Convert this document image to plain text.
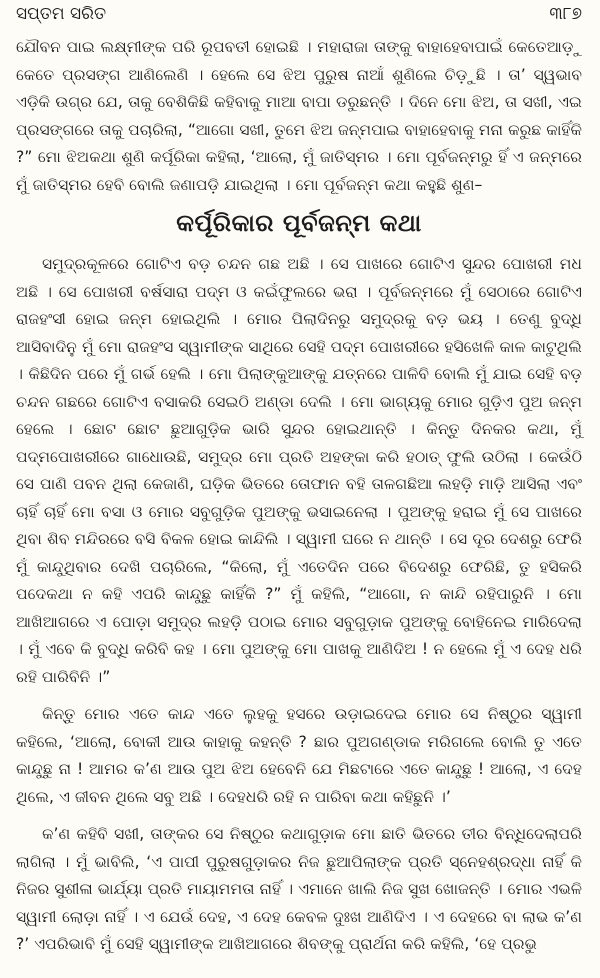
ସପ୍ତମ ସରିତ	୩୮୭

ଯୌବନ ପାଇ ଲକ୍ଷ୍ମୀଙ୍କ ପରି ରୂପବତୀ ହୋଇଛି । ମହାରାଜା ତାଙ୍କୁ ବାହାହେବାପାଇଁ କେତେଆଡ଼ୁ କେତେ ପ୍ରସଙ୍ଗ ଆଣିଲେଣି । ହେଲେ ସେ ଝିଅ ପୁରୁଷ ନାଆଁ ଶୁଣିଲେ ଚିଡ଼ୁଛି । ତା’ ସ୍ୱଭାବ ଏଡ଼ିକି ଉଗ୍ର ଯେ, ତାକୁ ବେଶିକିଛି କହିବାକୁ ମାଆ ବାପା ଡରୁଛନ୍ତି । ଦିନେ ମୋ ଝିଅ, ତା ସଖୀ, ଏଇ ପ୍ରସଙ୍ଗରେ ତାକୁ ପଚାରିଲା, “ଆଗୋ ସଖୀ, ତୁମେ ଝିଅ ଜନ୍ମପାଇ ବାହାହେବାକୁ ମନା କରୁଛ କାହିଁକି ?” ମୋ ଝିଅକଥା ଶୁଣି କର୍ପୂରିକା କହିଲା, ‘ଆଲୋ, ମୁଁ ଜାତିସ୍ମର । ମୋ ପୂର୍ବଜନ୍ମରୁ ହିଁ ଏ ଜନ୍ମରେ ମୁଁ ଜାତିସ୍ମର ହେବି ବୋଲି ଜଣାପଡ଼ି ଯାଇଥିଲା । ମୋ ପୂର୍ବଜନ୍ମ କଥା କହୁଛି ଶୁଣ–

କର୍ପୂରିକାର ପୂର୍ବଜନ୍ମ କଥା

ସମୁଦ୍ରକୂଳରେ ଗୋଟିଏ ବଡ଼ ଚନ୍ଦନ ଗଛ ଅଛି । ସେ ପାଖରେ ଗୋଟିଏ ସୁନ୍ଦର ପୋଖରୀ ମଧ ଅଛି । ସେ ପୋଖରୀ ବର୍ଷସାରା ପଦ୍ମ ଓ କଇଁଫୁଲରେ ଭରା । ପୂର୍ବଜନ୍ମରେ ମୁଁ ସେଠାରେ ଗୋଟିଏ ରାଜହଂସୀ ହୋଇ ଜନ୍ମ ହୋଇଥିଲି । ମୋର ପିଲାଦିନରୁ ସମୁଦ୍ରକୁ ବଡ଼ ଭୟ । ତେଣୁ ବୁଦ୍ଧି ଆସିବାଦିନୁ ମୁଁ ମୋ ରାଜହଂସ ସ୍ୱାମୀଙ୍କ ସାଥିରେ ସେହି ପଦ୍ମ ପୋଖରୀରେ ହସିଖେଳି କାଳ କାଟୁଥିଲି । କିଛିଦିନ ପରେ ମୁଁ ଗର୍ଭ ହେଲି । ମୋ ପିଲାଙ୍କୁଆଙ୍କୁ ଯତ୍ନରେ ପାଳିବି ବୋଲି ମୁଁ ଯାଇ ସେହି ବଡ଼ ଚନ୍ଦନ ଗଛରେ ଗୋଟିଏ ବସାକରି ସେଇଠି ଅଣ୍ଡା ଦେଲି । ମୋ ଭାଗ୍ୟକୁ ମୋର ଗୁଡ଼ିଏ ପୁଅ ଜନ୍ମ ହେଲେ । ଛୋଟ ଛୋଟ ଛୁଆଗୁଡ଼ିକ ଭାରି ସୁନ୍ଦର ହୋଇଥାନ୍ତି । କିନ୍ତୁ ଦିନକର କଥା, ମୁଁ ପଦ୍ମପୋଖରୀରେ ଗାଧୋଉଛି, ସମୁଦ୍ର ମୋ ପ୍ରତି ଅହଙ୍କା କରି ହଠାତ୍ ଫୁଲି ଉଠିଲା । କେଉଁଠି ସେ ପାଣି ପବନ ଥିଲା କେଜାଣି, ଘଡ଼ିକ ଭିତରେ ତୋଫାନ ବହି ତାଳଗଛିଆ ଲହଡ଼ି ମାଡ଼ି ଆସିଲା ଏବଂ ଚାହିଁ ଚାହିଁ ମୋ ବସା ଓ ମୋର ସବୁଗୁଡ଼ିକ ପୁଅଙ୍କୁ ଭସାଇନେଲା । ପୁଅଙ୍କୁ ହରାଇ ମୁଁ ସେ ପାଖରେ ଥିବା ଶିବ ମନ୍ଦିରରେ ବସି ବିକଳ ହୋଇ କାନ୍ଦିଲି । ସ୍ୱାମୀ ଘରେ ନ ଥାନ୍ତି । ସେ ଦୂର ଦେଶରୁ ଫେରି ମୁଁ କାନ୍ଦୁଥିବାର ଦେଖି ପଚାରିଲେ, “କିଲୋ, ମୁଁ ଏତେଦିନ ପରେ ବିଦେଶରୁ ଫେରିଛି, ତୁ ହସିକରି ପଦେକଥା ନ କହି ଏପରି କାନ୍ଦୁଛୁ କାହିଁକି ?” ମୁଁ କହିଲି, “ଆଗୋ, ନ କାନ୍ଦି ରହିପାରୁନି । ମୋ ଆଖିଆଗରେ ଏ ପୋଡ଼ା ସମୁଦ୍ର ଲହଡ଼ି ପଠାଇ ମୋର ସବୁଗୁଡ଼ାକ ପୁଅଙ୍କୁ ବୋହିନେଇ ମାରିଦେଲା । ମୁଁ ଏବେ କି ବୁଦ୍ଧି କରିବି କହ । ମୋ ପୁଅଙ୍କୁ ମୋ ପାଖକୁ ଆଣିଦିଅ ! ନ ହେଲେ ମୁଁ ଏ ଦେହ ଧରି ରହି ପାରିବିନି ।”

କିନ୍ତୁ ମୋର ଏତେ କାନ୍ଦ ଏତେ ଲୁହକୁ ହସରେ ଉଡ଼ାଇଦେଇ ମୋର ସେ ନିଷ୍ଠୁର ସ୍ୱାମୀ କହିଲେ, ‘ଆଲୋ, ବୋକୀ ଆଉ କାହାକୁ କହନ୍ତି ? ଛାର ପୁଅଗଣ୍ଡାକ ମରିଗଲେ ବୋଲି ତୁ ଏତେ କାନ୍ଦୁଛୁ ନା ! ଆମର କ’ଣ ଆଉ ପୁଅ ଝିଅ ହେବେନି ଯେ ମିଛଟାରେ ଏତେ କାନ୍ଦୁଛୁ ! ଆଲୋ, ଏ ଦେହ ଥିଲେ, ଏ ଜୀବନ ଥିଲେ ସବୁ ଅଛି । ଦେହଧରି ରହି ନ ପାରିବା କଥା କହିଛୁନି ।’

କ’ଣ କହିବି ସଖୀ, ତାଙ୍କର ସେ ନିଷ୍ଠୁର କଥାଗୁଡ଼ାକ ମୋ ଛାତି ଭିତରେ ତୀର ବିନ୍ଧିଦେଲାପରି ଲାଗିଲା । ମୁଁ ଭାବିଲି, ‘ଏ ପାପୀ ପୁରୁଷଗୁଡ଼ାକର ନିଜ ଛୁଆପିଲାଙ୍କ ପ୍ରତି ସ୍ନେହଶ୍ରଦ୍ଧା ନାହିଁ କି ନିଜର ସୁଶୀଳା ଭାର୍ଯ୍ୟା ପ୍ରତି ମାୟାମମତା ନାହିଁ । ଏମାନେ ଖାଲି ନିଜ ସୁଖ ଖୋଜନ୍ତି । ମୋର ଏଭଳି ସ୍ୱାମୀ ଲୋଡ଼ା ନାହିଁ । ଏ ଯେଉଁ ଦେହ, ଏ ଦେହ କେବଳ ଦୁଃଖ ଆଣିଦିଏ । ଏ ଦେହରେ ବା ଲାଭ କ’ଣ ?’ ଏପରିଭାବି ମୁଁ ସେହି ସ୍ୱାମୀଙ୍କ ଆଖିଆଗରେ ଶିବଙ୍କୁ ପ୍ରାର୍ଥନା କରି କହିଲି, ‘ହେ ପ୍ରଭୁ
